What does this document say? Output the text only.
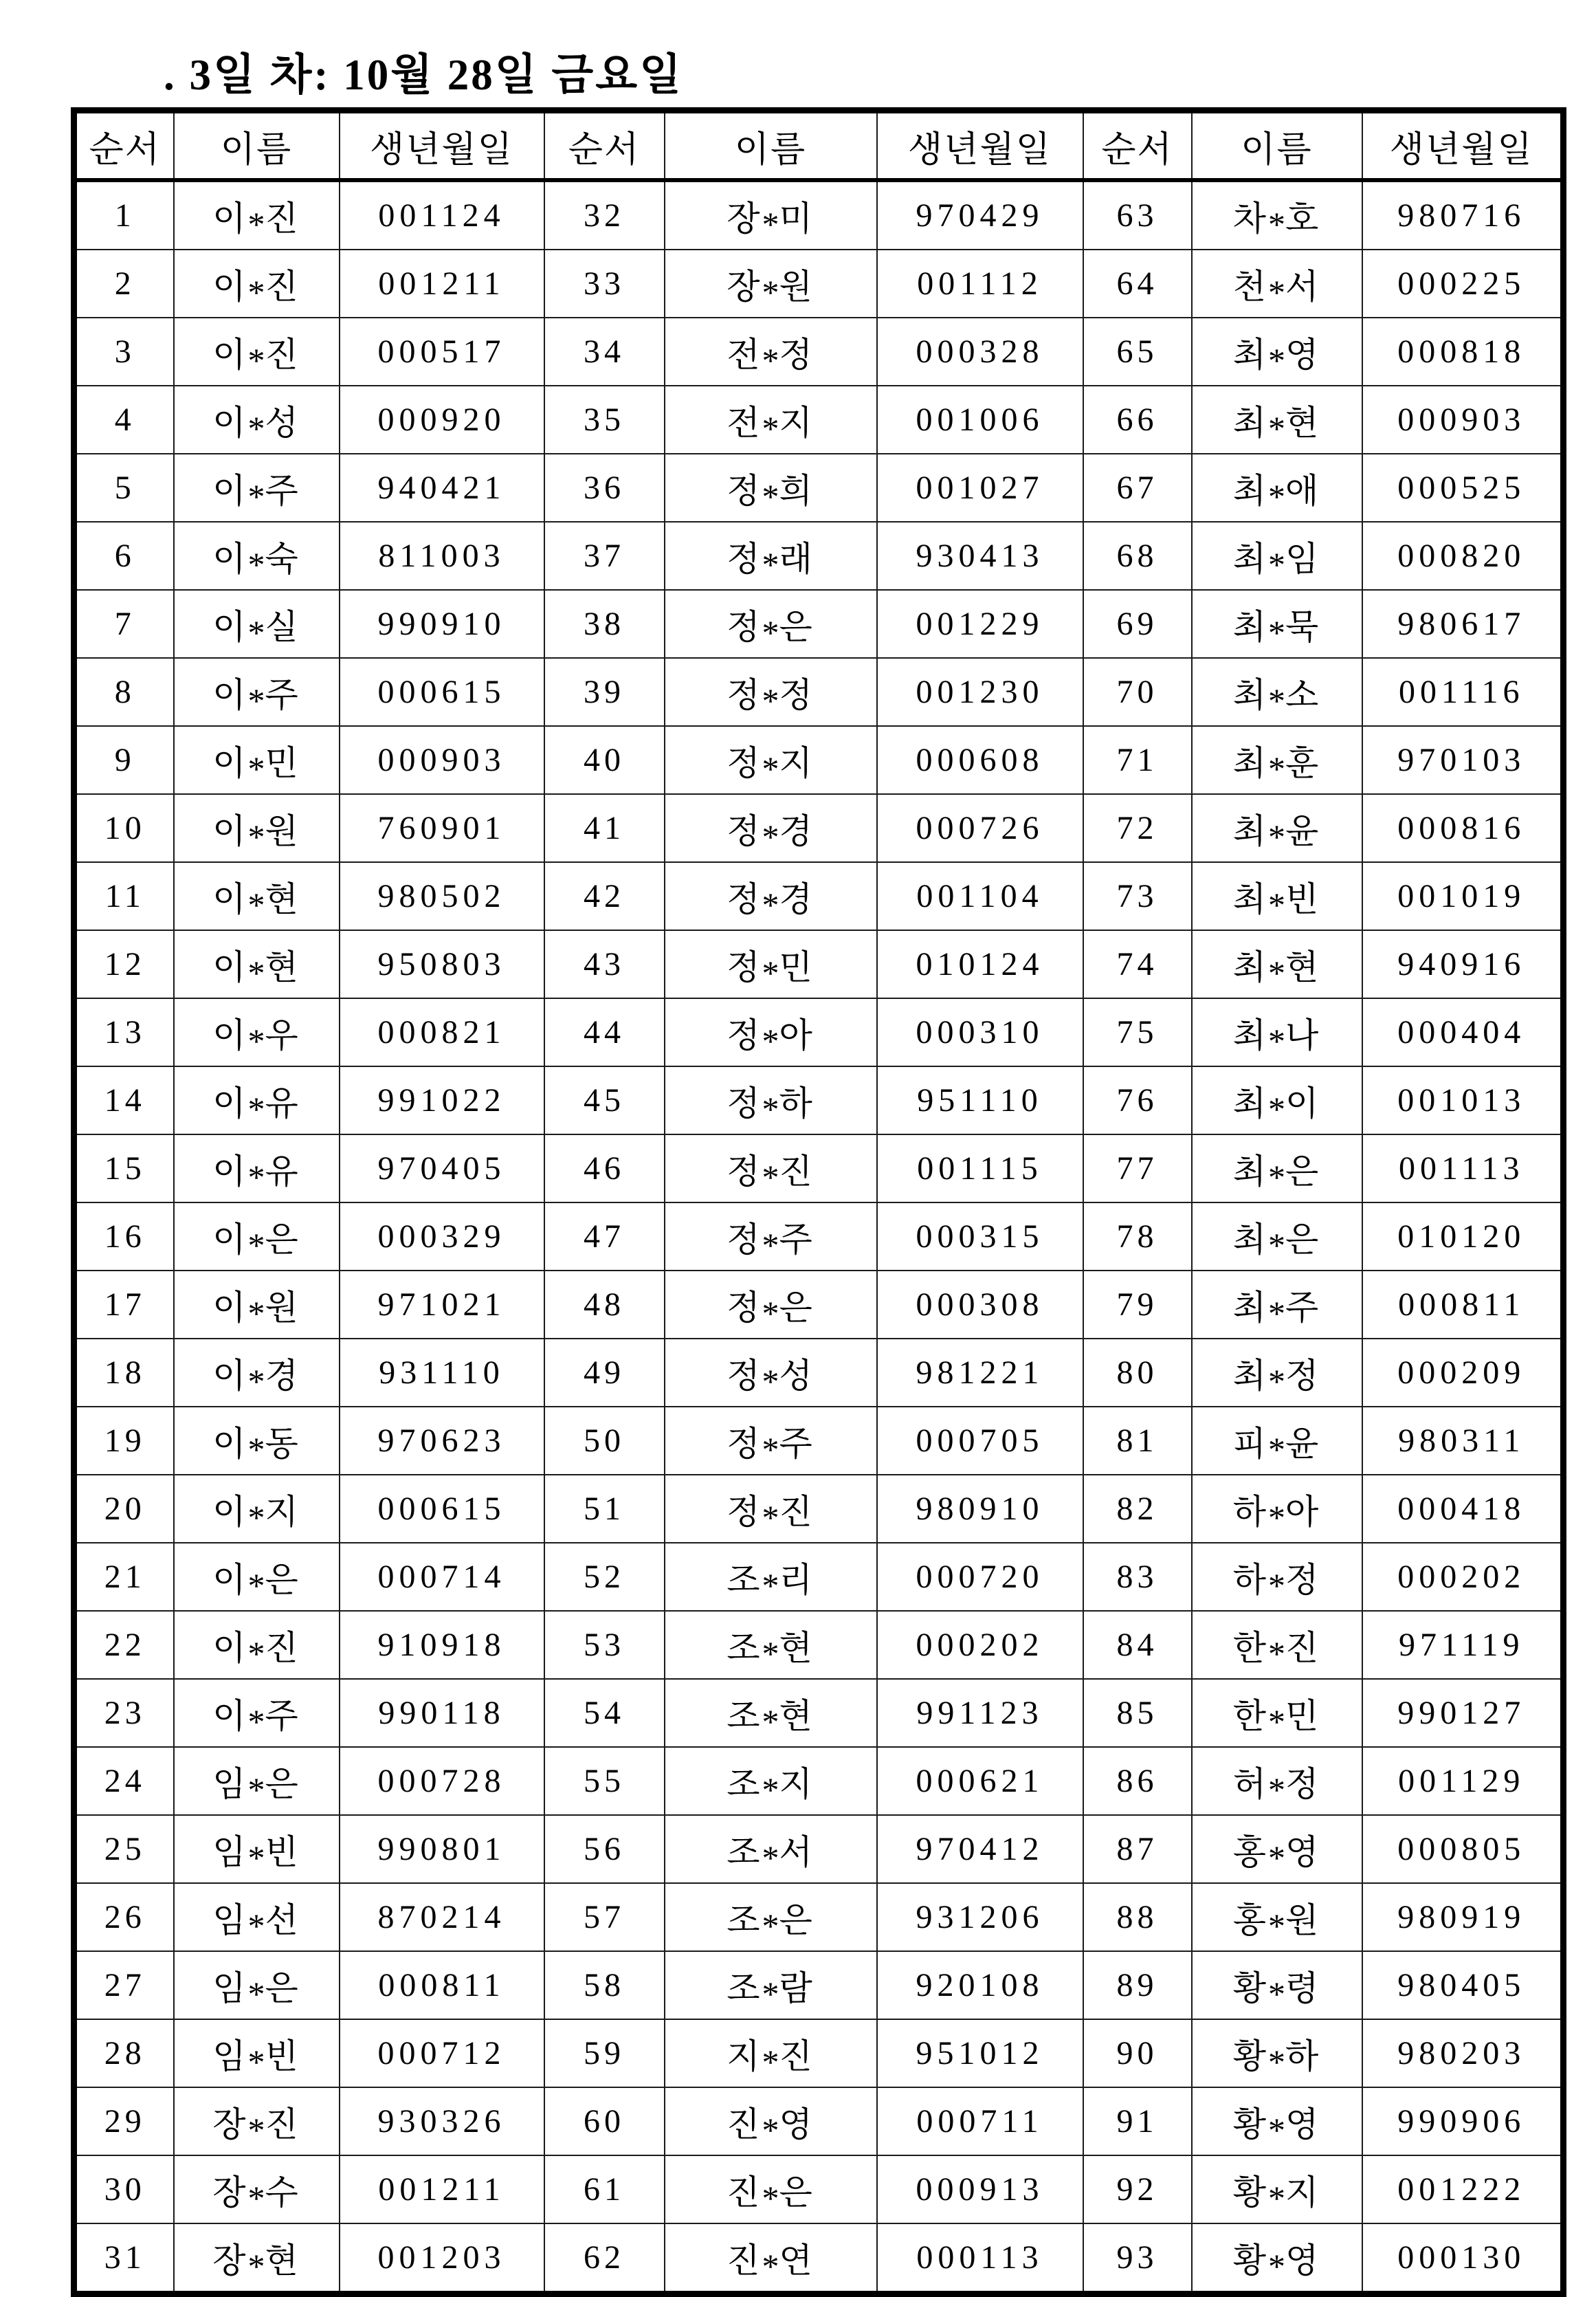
. 3일 차: 10월 28일 금요일
순서	이름	생년월일	순서	이름	생년월일	순서	이름	생년월일
1	이*진	001124	32	장*미	970429	63	차*호	980716
2	이*진	001211	33	장*원	001112	64	천*서	000225
3	이*진	000517	34	전*정	000328	65	최*영	000818
4	이*성	000920	35	전*지	001006	66	최*현	000903
5	이*주	940421	36	정*희	001027	67	최*애	000525
6	이*숙	811003	37	정*래	930413	68	최*임	000820
7	이*실	990910	38	정*은	001229	69	최*묵	980617
8	이*주	000615	39	정*정	001230	70	최*소	001116
9	이*민	000903	40	정*지	000608	71	최*훈	970103
10	이*원	760901	41	정*경	000726	72	최*윤	000816
11	이*현	980502	42	정*경	001104	73	최*빈	001019
12	이*현	950803	43	정*민	010124	74	최*현	940916
13	이*우	000821	44	정*아	000310	75	최*나	000404
14	이*유	991022	45	정*하	951110	76	최*이	001013
15	이*유	970405	46	정*진	001115	77	최*은	001113
16	이*은	000329	47	정*주	000315	78	최*은	010120
17	이*원	971021	48	정*은	000308	79	최*주	000811
18	이*경	931110	49	정*성	981221	80	최*정	000209
19	이*동	970623	50	정*주	000705	81	피*윤	980311
20	이*지	000615	51	정*진	980910	82	하*아	000418
21	이*은	000714	52	조*리	000720	83	하*정	000202
22	이*진	910918	53	조*현	000202	84	한*진	971119
23	이*주	990118	54	조*현	991123	85	한*민	990127
24	임*은	000728	55	조*지	000621	86	허*정	001129
25	임*빈	990801	56	조*서	970412	87	홍*영	000805
26	임*선	870214	57	조*은	931206	88	홍*원	980919
27	임*은	000811	58	조*람	920108	89	황*령	980405
28	임*빈	000712	59	지*진	951012	90	황*하	980203
29	장*진	930326	60	진*영	000711	91	황*영	990906
30	장*수	001211	61	진*은	000913	92	황*지	001222
31	장*현	001203	62	진*연	000113	93	황*영	000130
